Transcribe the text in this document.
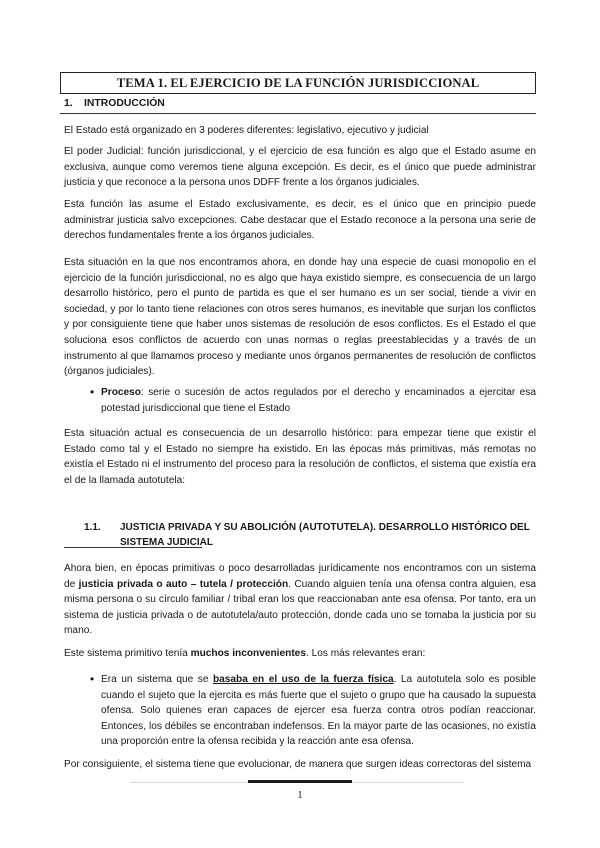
TEMA 1. EL EJERCICIO DE LA FUNCIÓN JURISDICCIONAL
1. INTRODUCCIÓN

El Estado está organizado en 3 poderes diferentes: legislativo, ejecutivo y judicial

El poder Judicial: función jurisdiccional, y el ejercicio de esa función es algo que el Estado asume en exclusiva, aunque como veremos tiene alguna excepción. Es decir, es el único que puede administrar justicia y que reconoce a la persona unos DDFF frente a los órganos judiciales.

Esta función las asume el Estado exclusivamente, es decir, es el único que en principio puede administrar justicia salvo excepciones. Cabe destacar que el Estado reconoce a la persona una serie de derechos fundamentales frente a los órganos judiciales.

Esta situación en la que nos encontramos ahora, en donde hay una especie de cuasi monopolio en el ejercicio de la función jurisdiccional, no es algo que haya existido siempre, es consecuencia de un largo desarrollo histórico, pero el punto de partida es que el ser humano es un ser social, tiende a vivir en sociedad, y por lo tanto tiene relaciones con otros seres humanos, es inevitable que surjan los conflictos y por consiguiente tiene que haber unos sistemas de resolución de esos conflictos. Es el Estado el que soluciona esos conflictos de acuerdo con unas normas o reglas preestablecidas y a través de un instrumento al que llamamos proceso y mediante unos órganos permanentes de resolución de conflictos (órganos judiciales).

• Proceso: serie o sucesión de actos regulados por el derecho y encaminados a ejercitar esa potestad jurisdiccional que tiene el Estado

Esta situación actual es consecuencia de un desarrollo histórico: para empezar tiene que existir el Estado como tal y el Estado no siempre ha existido. En las épocas más primitivas, más remotas no existía el Estado ni el instrumento del proceso para la resolución de conflictos, el sistema que existía era el de la llamada autotutela:

1.1. JUSTICIA PRIVADA Y SU ABOLICIÓN (AUTOTUTELA). DESARROLLO HISTÓRICO DEL SISTEMA JUDICIAL

Ahora bien, en épocas primitivas o poco desarrolladas jurídicamente nos encontramos con un sistema de justicia privada o auto – tutela / protección. Cuando alguien tenía una ofensa contra alguien, esa misma persona o su círculo familiar / tribal eran los que reaccionaban ante esa ofensa. Por tanto, era un sistema de justicia privada o de autotutela/auto protección, donde cada uno se tomaba la justicia por su mano.

Este sistema primitivo tenía muchos inconvenientes. Los más relevantes eran:

• Era un sistema que se basaba en el uso de la fuerza física. La autotutela solo es posible cuando el sujeto que la ejercita es más fuerte que el sujeto o grupo que ha causado la supuesta ofensa. Solo quienes eran capaces de ejercer esa fuerza contra otros podían reaccionar. Entonces, los débiles se encontraban indefensos. En la mayor parte de las ocasiones, no existía una proporción entre la ofensa recibida y la reacción ante esa ofensa.

Por consiguiente, el sistema tiene que evolucionar, de manera que surgen ideas correctoras del sistema

1
